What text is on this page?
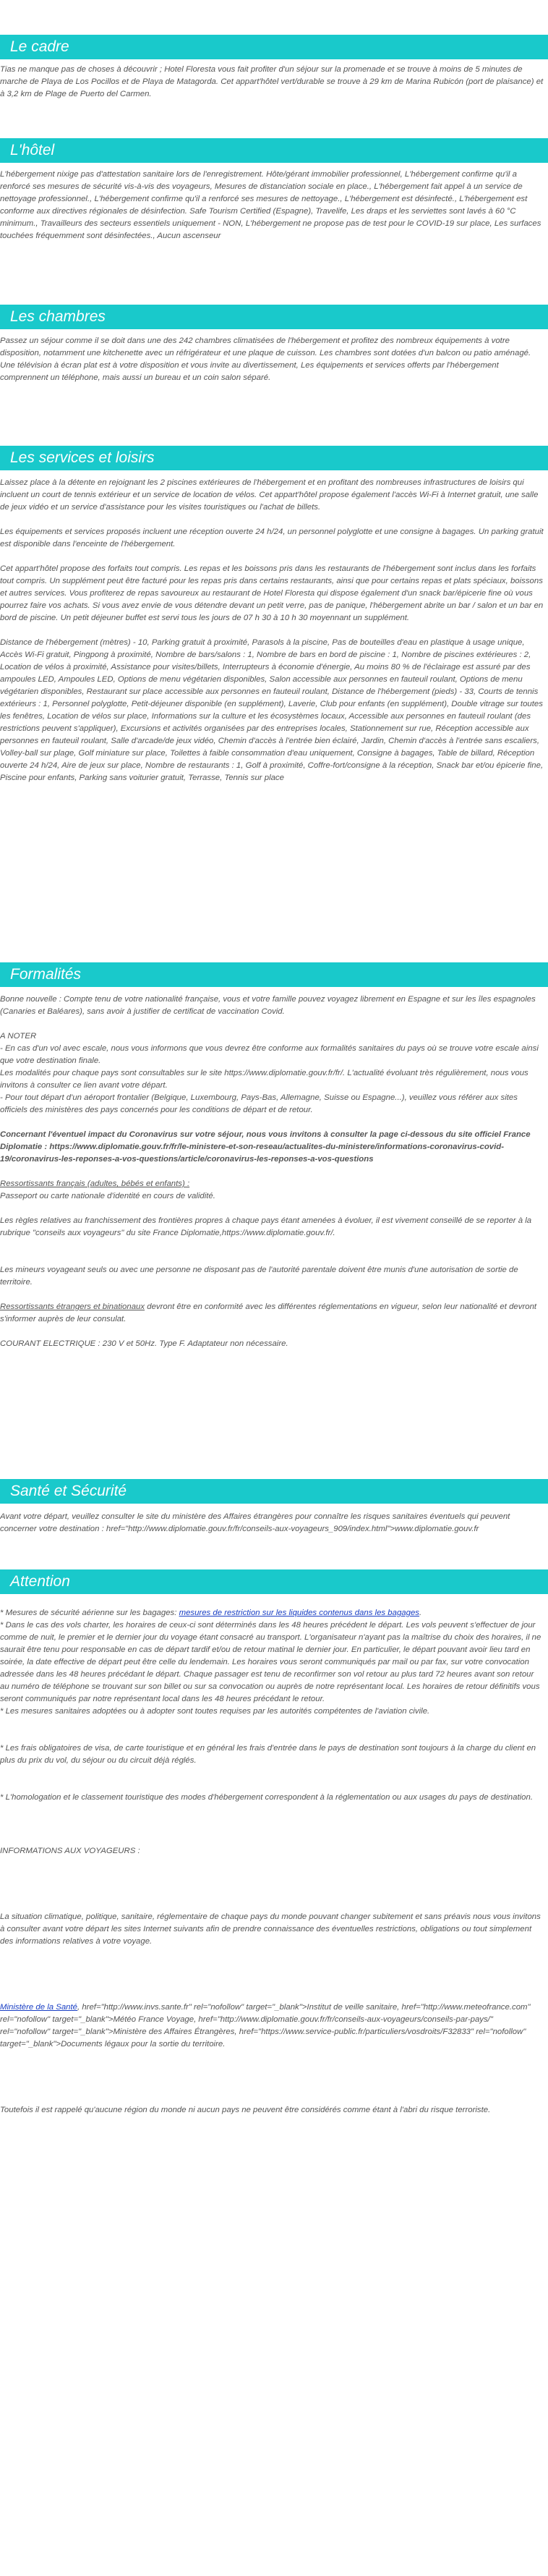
Le cadre

Tias ne manque pas de choses à découvrir ; Hotel Floresta vous fait profiter d'un séjour sur la promenade et se trouve à moins de 5 minutes de marche de Playa de Los Pocillos et de Playa de Matagorda. Cet appart'hôtel vert/durable se trouve à 29 km de Marina Rubicón (port de plaisance) et à 3,2 km de Plage de Puerto del Carmen.

L'hôtel

L'hébergement nixige pas d'attestation sanitaire lors de l'enregistrement. Hôte/gérant immobilier professionnel, L'hébergement confirme qu'il a renforcé ses mesures de sécurité vis-à-vis des voyageurs, Mesures de distanciation sociale en place., L'hébergement fait appel à un service de nettoyage professionnel., L'hébergement confirme qu'il a renforcé ses mesures de nettoyage., L'hébergement est désinfecté., L'hébergement est conforme aux directives régionales de désinfection. Safe Tourism Certified (Espagne), Travelife, Les draps et les serviettes sont lavés à 60 °C minimum., Travailleurs des secteurs essentiels uniquement - NON, L'hébergement ne propose pas de test pour le COVID-19 sur place, Les surfaces touchées fréquemment sont désinfectées., Aucun ascenseur

Les chambres

Passez un séjour comme il se doit dans une des 242 chambres climatisées de l'hébergement et profitez des nombreux équipements à votre disposition, notamment une kitchenette avec un réfrigérateur et une plaque de cuisson. Les chambres sont dotées d'un balcon ou patio aménagé. Une télévision à écran plat est à votre disposition et vous invite au divertissement, Les équipements et services offerts par l'hébergement comprennent un téléphone, mais aussi un bureau et un coin salon séparé.

Les services et loisirs

Laissez place à la détente en rejoignant les 2 piscines extérieures de l'hébergement et en profitant des nombreuses infrastructures de loisirs qui incluent un court de tennis extérieur et un service de location de vélos. Cet appart'hôtel propose également l'accès Wi-Fi à Internet gratuit, une salle de jeux vidéo et un service d'assistance pour les visites touristiques ou l'achat de billets.

Les équipements et services proposés incluent une réception ouverte 24 h/24, un personnel polyglotte et une consigne à bagages. Un parking gratuit est disponible dans l'enceinte de l'hébergement.

Cet appart'hôtel propose des forfaits tout compris. Les repas et les boissons pris dans les restaurants de l'hébergement sont inclus dans les forfaits tout compris. Un supplément peut être facturé pour les repas pris dans certains restaurants, ainsi que pour certains repas et plats spéciaux, boissons et autres services. Vous profiterez de repas savoureux au restaurant de Hotel Floresta qui dispose également d'un snack bar/épicerie fine où vous pourrez faire vos achats. Si vous avez envie de vous détendre devant un petit verre, pas de panique, l'hébergement abrite un bar / salon et un bar en bord de piscine. Un petit déjeuner buffet est servi tous les jours de 07 h 30 à 10 h 30 moyennant un supplément.

Distance de l'hébergement (mètres) - 10, Parking gratuit à proximité, Parasols à la piscine, Pas de bouteilles d'eau en plastique à usage unique, Accès Wi-Fi gratuit, Pingpong à proximité, Nombre de bars/salons : 1, Nombre de bars en bord de piscine : 1, Nombre de piscines extérieures : 2, Location de vélos à proximité, Assistance pour visites/billets, Interrupteurs à économie d'énergie, Au moins 80 % de l'éclairage est assuré par des ampoules LED, Ampoules LED, Options de menu végétarien disponibles, Salon accessible aux personnes en fauteuil roulant, Options de menu végétarien disponibles, Restaurant sur place accessible aux personnes en fauteuil roulant, Distance de l'hébergement (pieds) - 33, Courts de tennis extérieurs : 1, Personnel polyglotte, Petit-déjeuner disponible (en supplément), Laverie, Club pour enfants (en supplément), Double vitrage sur toutes les fenêtres, Location de vélos sur place, Informations sur la culture et les écosystèmes locaux, Accessible aux personnes en fauteuil roulant (des restrictions peuvent s'appliquer), Excursions et activités organisées par des entreprises locales, Stationnement sur rue, Réception accessible aux personnes en fauteuil roulant, Salle d'arcade/de jeux vidéo, Chemin d'accès à l'entrée bien éclairé, Jardin, Chemin d'accès à l'entrée sans escaliers, Volley-ball sur plage, Golf miniature sur place, Toilettes à faible consommation d'eau uniquement, Consigne à bagages, Table de billard, Réception ouverte 24 h/24, Aire de jeux sur place, Nombre de restaurants : 1, Golf à proximité, Coffre-fort/consigne à la réception, Snack bar et/ou épicerie fine, Piscine pour enfants, Parking sans voiturier gratuit, Terrasse, Tennis sur place

Formalités

Bonne nouvelle : Compte tenu de votre nationalité française, vous et votre famille pouvez voyagez librement en Espagne et sur les îles espagnoles (Canaries et Baléares), sans avoir à justifier de certificat de vaccination Covid.

A NOTER

- En cas d'un vol avec escale, nous vous informons que vous devrez être conforme aux formalités sanitaires du pays où se trouve votre escale ainsi que votre destination finale.

Les modalités pour chaque pays sont consultables sur le site https://www.diplomatie.gouv.fr/fr/. L'actualité évoluant très régulièrement, nous vous invitons à consulter ce lien avant votre départ.

- Pour tout départ d'un aéroport frontalier (Belgique, Luxembourg, Pays-Bas, Allemagne, Suisse ou Espagne...), veuillez vous référer aux sites officiels des ministères des pays concernés pour les conditions de départ et de retour.

Concernant l'éventuel impact du Coronavirus sur votre séjour, nous vous invitons à consulter la page ci-dessous du site officiel France Diplomatie : https://www.diplomatie.gouv.fr/fr/le-ministere-et-son-reseau/actualites-du-ministere/informations-coronavirus-covid-19/coronavirus-les-reponses-a-vos-questions/article/coronavirus-les-reponses-a-vos-questions

Ressortissants français (adultes, bébés et enfants) :

Passeport ou carte nationale d'identité en cours de validité.

Les règles relatives au franchissement des frontières propres à chaque pays étant amenées à évoluer, il est vivement conseillé de se reporter à la rubrique "conseils aux voyageurs" du site France Diplomatie,https://www.diplomatie.gouv.fr/.

Les mineurs voyageant seuls ou avec une personne ne disposant pas de l'autorité parentale doivent être munis d'une autorisation de sortie de territoire.

Ressortissants étrangers et binationaux devront être en conformité avec les différentes réglementations en vigueur, selon leur nationalité et devront s'informer auprès de leur consulat.

COURANT ELECTRIQUE : 230 V et 50Hz. Type F. Adaptateur non nécessaire.

Santé et Sécurité

Avant votre départ, veuillez consulter le site du ministère des Affaires étrangères pour connaître les risques sanitaires éventuels qui peuvent concerner votre destination : href="http://www.diplomatie.gouv.fr/fr/conseils-aux-voyageurs_909/index.html">www.diplomatie.gouv.fr

Attention

* Mesures de sécurité aérienne sur les bagages: mesures de restriction sur les liquides contenus dans les bagages.

* Dans le cas des vols charter, les horaires de ceux-ci sont déterminés dans les 48 heures précédent le départ. Les vols peuvent s'effectuer de jour comme de nuit, le premier et le dernier jour du voyage étant consacré au transport. L'organisateur n'ayant pas la maîtrise du choix des horaires, il ne saurait être tenu pour responsable en cas de départ tardif et/ou de retour matinal le dernier jour. En particulier, le départ pouvant avoir lieu tard en soirée, la date effective de départ peut être celle du lendemain. Les horaires vous seront communiqués par mail ou par fax, sur votre convocation adressée dans les 48 heures précédant le départ. Chaque passager est tenu de reconfirmer son vol retour au plus tard 72 heures avant son retour au numéro de téléphone se trouvant sur son billet ou sur sa convocation ou auprès de notre représentant local. Les horaires de retour définitifs vous seront communiqués par notre représentant local dans les 48 heures précédant le retour.

* Les mesures sanitaires adoptées ou à adopter sont toutes requises par les autorités compétentes de l'aviation civile.

* Les frais obligatoires de visa, de carte touristique et en général les frais d'entrée dans le pays de destination sont toujours à la charge du client en plus du prix du vol, du séjour ou du circuit déjà réglés.

* L'homologation et le classement touristique des modes d'hébergement correspondent à la réglementation ou aux usages du pays de destination.

INFORMATIONS AUX VOYAGEURS :

La situation climatique, politique, sanitaire, réglementaire de chaque pays du monde pouvant changer subitement et sans préavis nous vous invitons à consulter avant votre départ les sites Internet suivants afin de prendre connaissance des éventuelles restrictions, obligations ou tout simplement des informations relatives à votre voyage.

Ministère de la Santé, href="http://www.invs.sante.fr" rel="nofollow" target="_blank">Institut de veille sanitaire, href="http://www.meteofrance.com" rel="nofollow" target="_blank">Météo France Voyage, href="http://www.diplomatie.gouv.fr/fr/conseils-aux-voyageurs/conseils-par-pays/" rel="nofollow" target="_blank">Ministère des Affaires Étrangères, href="https://www.service-public.fr/particuliers/vosdroits/F32833" rel="nofollow" target="_blank">Documents légaux pour la sortie du territoire.

Toutefois il est rappelé qu'aucune région du monde ni aucun pays ne peuvent être considérés comme étant à l'abri du risque terroriste.
